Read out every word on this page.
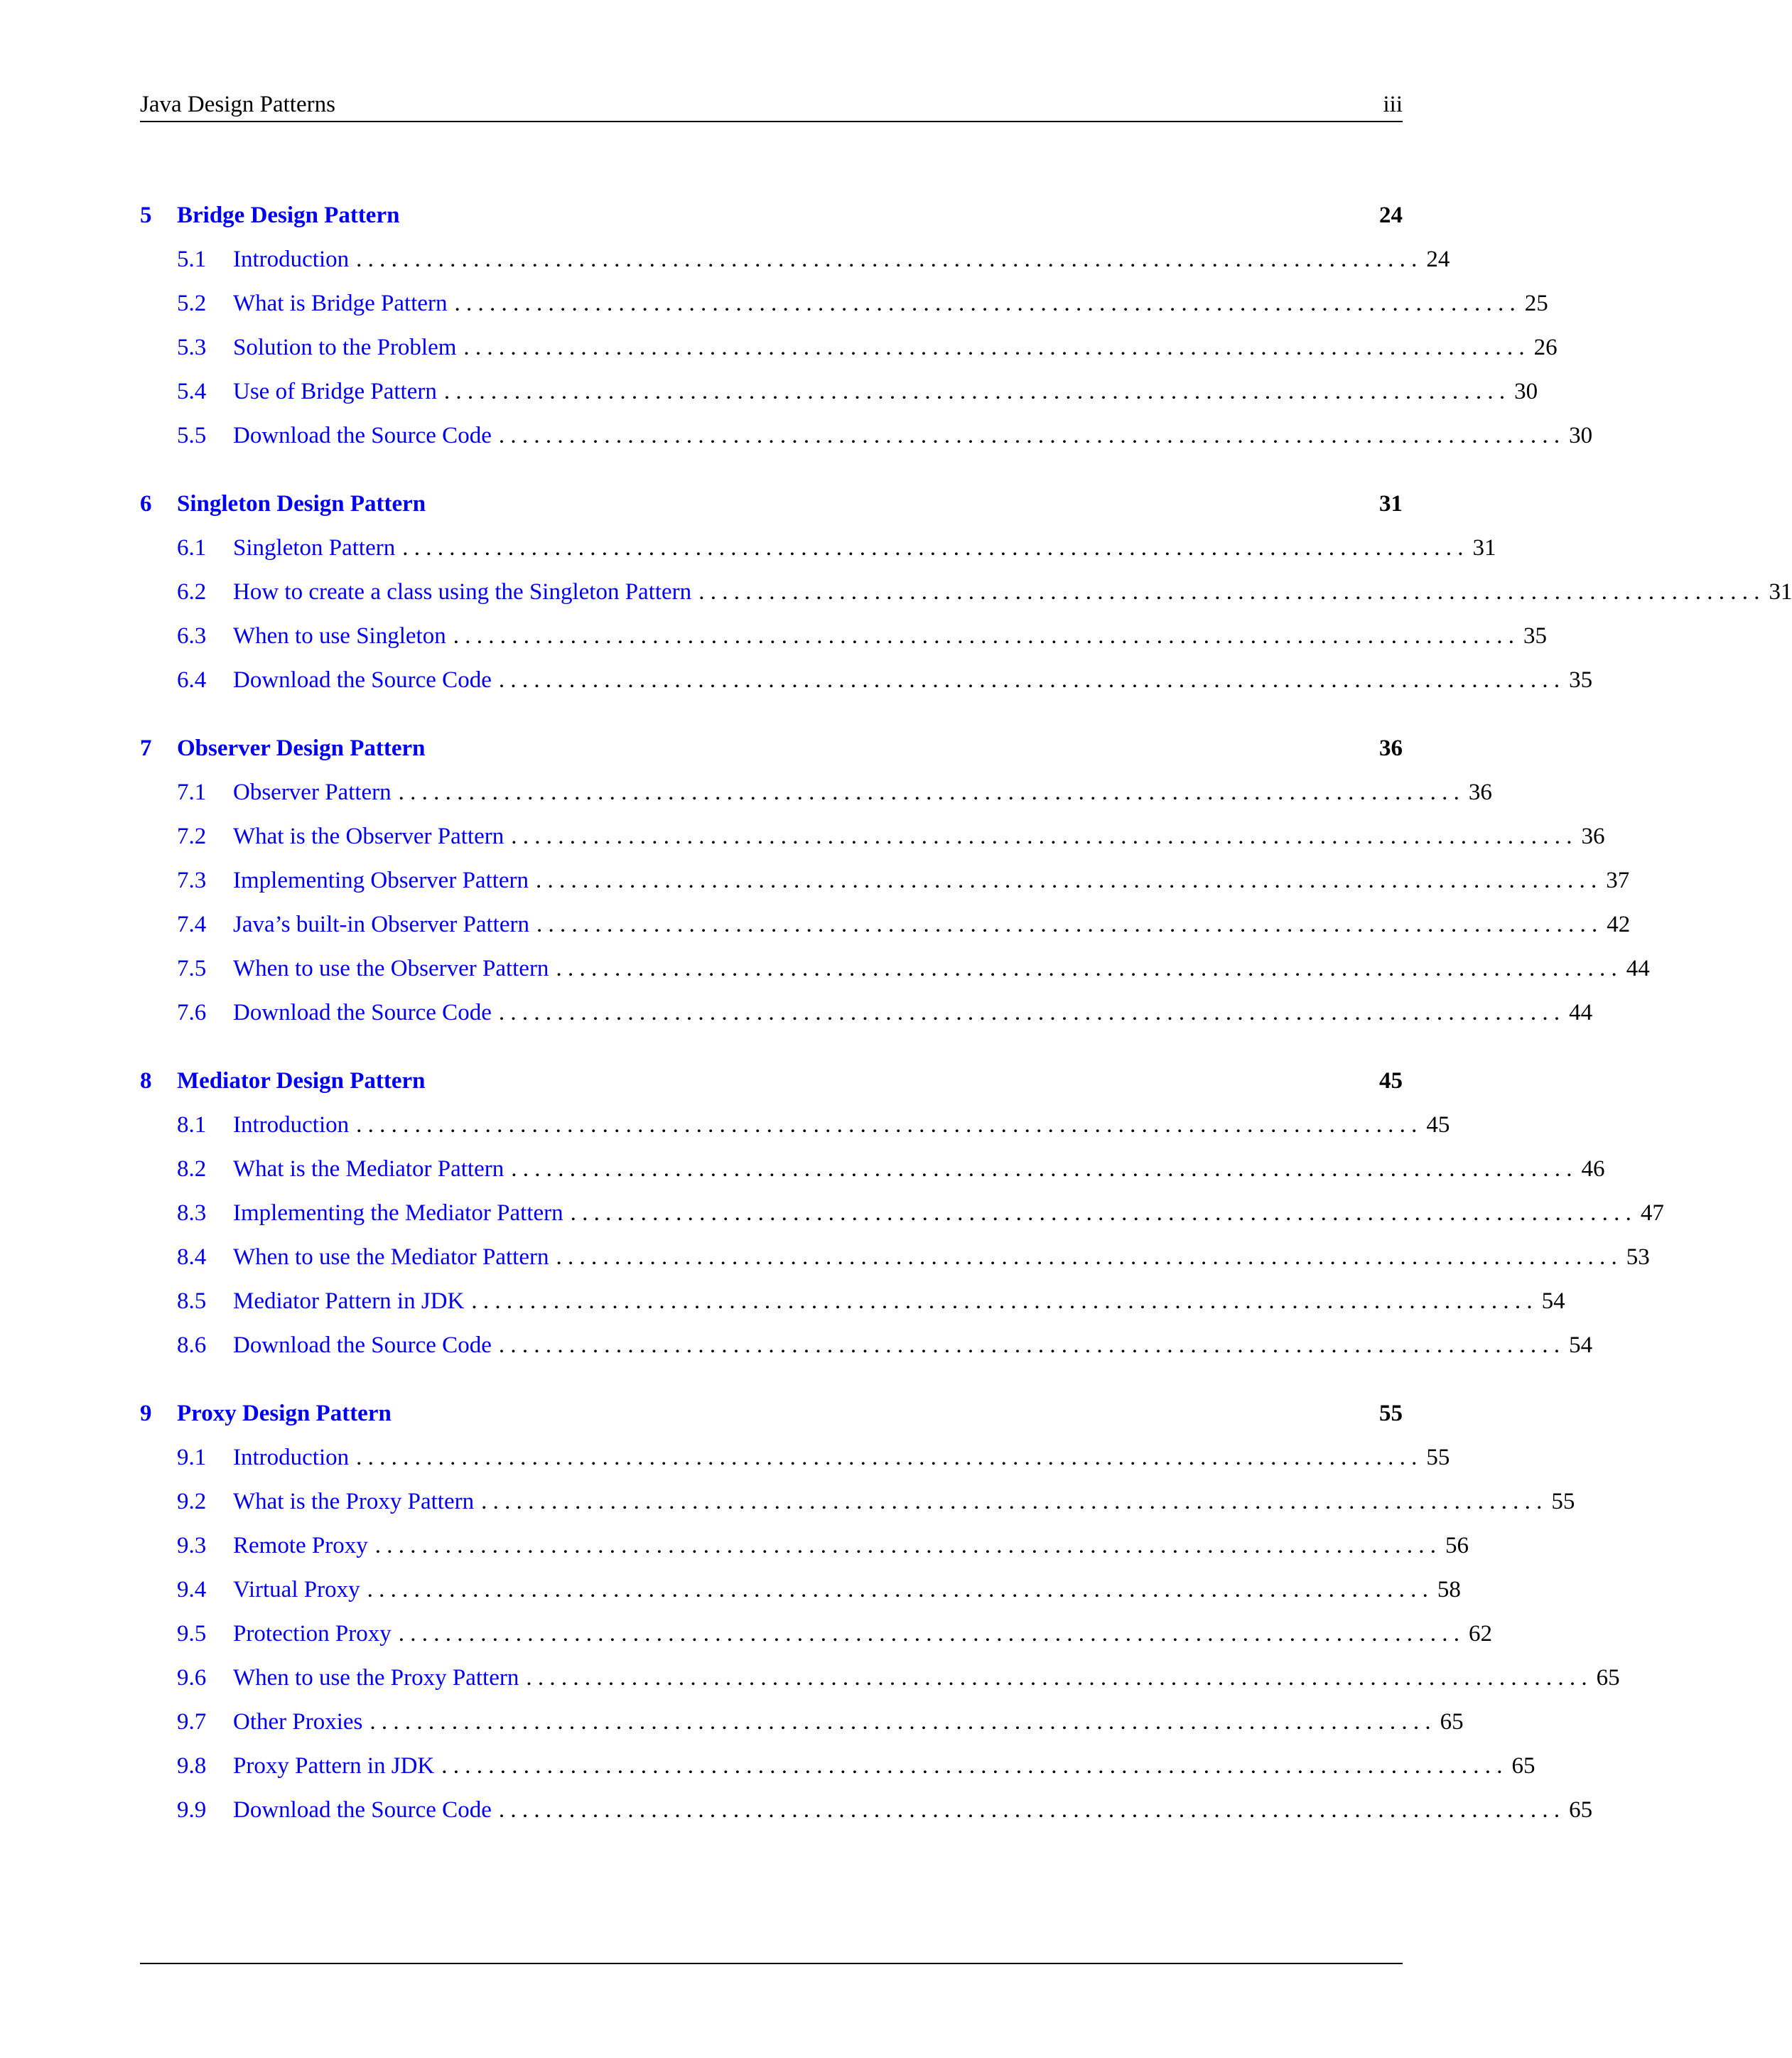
Java Design Patterns	iii
5 Bridge Design Pattern	24
5.1	Introduction . . . . . . . . . . . . . . . . . . . . . . . . . . . . . . . . . . . . . . . . . . . . . . . . . . . . . . . . . . . . . . . . . . . . . . . . . . . . . . . . . . . . . . . . . . . 24
5.2	What is Bridge Pattern . . . . . . . . . . . . . . . . . . . . . . . . . . . . . . . . . . . . . . . . . . . . . . . . . . . . . . . . . . . . . . . . . . . . . . . . . . . . . . . . . . . . . . . . . . . 25
5.3	Solution to the Problem . . . . . . . . . . . . . . . . . . . . . . . . . . . . . . . . . . . . . . . . . . . . . . . . . . . . . . . . . . . . . . . . . . . . . . . . . . . . . . . . . . . . . . . . . . . 26
5.4	Use of Bridge Pattern . . . . . . . . . . . . . . . . . . . . . . . . . . . . . . . . . . . . . . . . . . . . . . . . . . . . . . . . . . . . . . . . . . . . . . . . . . . . . . . . . . . . . . . . . . . 30
5.5	Download the Source Code . . . . . . . . . . . . . . . . . . . . . . . . . . . . . . . . . . . . . . . . . . . . . . . . . . . . . . . . . . . . . . . . . . . . . . . . . . . . . . . . . . . . . . . . . . . 30
6 Singleton Design Pattern	31
6.1	Singleton Pattern . . . . . . . . . . . . . . . . . . . . . . . . . . . . . . . . . . . . . . . . . . . . . . . . . . . . . . . . . . . . . . . . . . . . . . . . . . . . . . . . . . . . . . . . . . . 31
6.2	How to create a class using the Singleton Pattern . . . . . . . . . . . . . . . . . . . . . . . . . . . . . . . . . . . . . . . . . . . . . . . . . . . . . . . . . . . . . . . . . . . . . . . . . . . . . . . . . . . . . . . . . . . 31
6.3	When to use Singleton . . . . . . . . . . . . . . . . . . . . . . . . . . . . . . . . . . . . . . . . . . . . . . . . . . . . . . . . . . . . . . . . . . . . . . . . . . . . . . . . . . . . . . . . . . . 35
6.4	Download the Source Code . . . . . . . . . . . . . . . . . . . . . . . . . . . . . . . . . . . . . . . . . . . . . . . . . . . . . . . . . . . . . . . . . . . . . . . . . . . . . . . . . . . . . . . . . . . 35
7 Observer Design Pattern	36
7.1	Observer Pattern . . . . . . . . . . . . . . . . . . . . . . . . . . . . . . . . . . . . . . . . . . . . . . . . . . . . . . . . . . . . . . . . . . . . . . . . . . . . . . . . . . . . . . . . . . . 36
7.2	What is the Observer Pattern . . . . . . . . . . . . . . . . . . . . . . . . . . . . . . . . . . . . . . . . . . . . . . . . . . . . . . . . . . . . . . . . . . . . . . . . . . . . . . . . . . . . . . . . . . . 36
7.3	Implementing Observer Pattern . . . . . . . . . . . . . . . . . . . . . . . . . . . . . . . . . . . . . . . . . . . . . . . . . . . . . . . . . . . . . . . . . . . . . . . . . . . . . . . . . . . . . . . . . . . 37
7.4	Java’s built-in Observer Pattern . . . . . . . . . . . . . . . . . . . . . . . . . . . . . . . . . . . . . . . . . . . . . . . . . . . . . . . . . . . . . . . . . . . . . . . . . . . . . . . . . . . . . . . . . . . 42
7.5	When to use the Observer Pattern . . . . . . . . . . . . . . . . . . . . . . . . . . . . . . . . . . . . . . . . . . . . . . . . . . . . . . . . . . . . . . . . . . . . . . . . . . . . . . . . . . . . . . . . . . . 44
7.6	Download the Source Code . . . . . . . . . . . . . . . . . . . . . . . . . . . . . . . . . . . . . . . . . . . . . . . . . . . . . . . . . . . . . . . . . . . . . . . . . . . . . . . . . . . . . . . . . . . 44
8 Mediator Design Pattern	45
8.1	Introduction . . . . . . . . . . . . . . . . . . . . . . . . . . . . . . . . . . . . . . . . . . . . . . . . . . . . . . . . . . . . . . . . . . . . . . . . . . . . . . . . . . . . . . . . . . . 45
8.2	What is the Mediator Pattern . . . . . . . . . . . . . . . . . . . . . . . . . . . . . . . . . . . . . . . . . . . . . . . . . . . . . . . . . . . . . . . . . . . . . . . . . . . . . . . . . . . . . . . . . . . 46
8.3	Implementing the Mediator Pattern . . . . . . . . . . . . . . . . . . . . . . . . . . . . . . . . . . . . . . . . . . . . . . . . . . . . . . . . . . . . . . . . . . . . . . . . . . . . . . . . . . . . . . . . . . . 47
8.4	When to use the Mediator Pattern . . . . . . . . . . . . . . . . . . . . . . . . . . . . . . . . . . . . . . . . . . . . . . . . . . . . . . . . . . . . . . . . . . . . . . . . . . . . . . . . . . . . . . . . . . . 53
8.5	Mediator Pattern in JDK . . . . . . . . . . . . . . . . . . . . . . . . . . . . . . . . . . . . . . . . . . . . . . . . . . . . . . . . . . . . . . . . . . . . . . . . . . . . . . . . . . . . . . . . . . . 54
8.6	Download the Source Code . . . . . . . . . . . . . . . . . . . . . . . . . . . . . . . . . . . . . . . . . . . . . . . . . . . . . . . . . . . . . . . . . . . . . . . . . . . . . . . . . . . . . . . . . . . 54
9 Proxy Design Pattern	55
9.1	Introduction . . . . . . . . . . . . . . . . . . . . . . . . . . . . . . . . . . . . . . . . . . . . . . . . . . . . . . . . . . . . . . . . . . . . . . . . . . . . . . . . . . . . . . . . . . . 55
9.2	What is the Proxy Pattern . . . . . . . . . . . . . . . . . . . . . . . . . . . . . . . . . . . . . . . . . . . . . . . . . . . . . . . . . . . . . . . . . . . . . . . . . . . . . . . . . . . . . . . . . . . 55
9.3	Remote Proxy . . . . . . . . . . . . . . . . . . . . . . . . . . . . . . . . . . . . . . . . . . . . . . . . . . . . . . . . . . . . . . . . . . . . . . . . . . . . . . . . . . . . . . . . . . . 56
9.4	Virtual Proxy . . . . . . . . . . . . . . . . . . . . . . . . . . . . . . . . . . . . . . . . . . . . . . . . . . . . . . . . . . . . . . . . . . . . . . . . . . . . . . . . . . . . . . . . . . . 58
9.5	Protection Proxy . . . . . . . . . . . . . . . . . . . . . . . . . . . . . . . . . . . . . . . . . . . . . . . . . . . . . . . . . . . . . . . . . . . . . . . . . . . . . . . . . . . . . . . . . . . 62
9.6	When to use the Proxy Pattern . . . . . . . . . . . . . . . . . . . . . . . . . . . . . . . . . . . . . . . . . . . . . . . . . . . . . . . . . . . . . . . . . . . . . . . . . . . . . . . . . . . . . . . . . . . 65
9.7	Other Proxies . . . . . . . . . . . . . . . . . . . . . . . . . . . . . . . . . . . . . . . . . . . . . . . . . . . . . . . . . . . . . . . . . . . . . . . . . . . . . . . . . . . . . . . . . . . 65
9.8	Proxy Pattern in JDK . . . . . . . . . . . . . . . . . . . . . . . . . . . . . . . . . . . . . . . . . . . . . . . . . . . . . . . . . . . . . . . . . . . . . . . . . . . . . . . . . . . . . . . . . . . 65
9.9	Download the Source Code . . . . . . . . . . . . . . . . . . . . . . . . . . . . . . . . . . . . . . . . . . . . . . . . . . . . . . . . . . . . . . . . . . . . . . . . . . . . . . . . . . . . . . . . . . . 65
